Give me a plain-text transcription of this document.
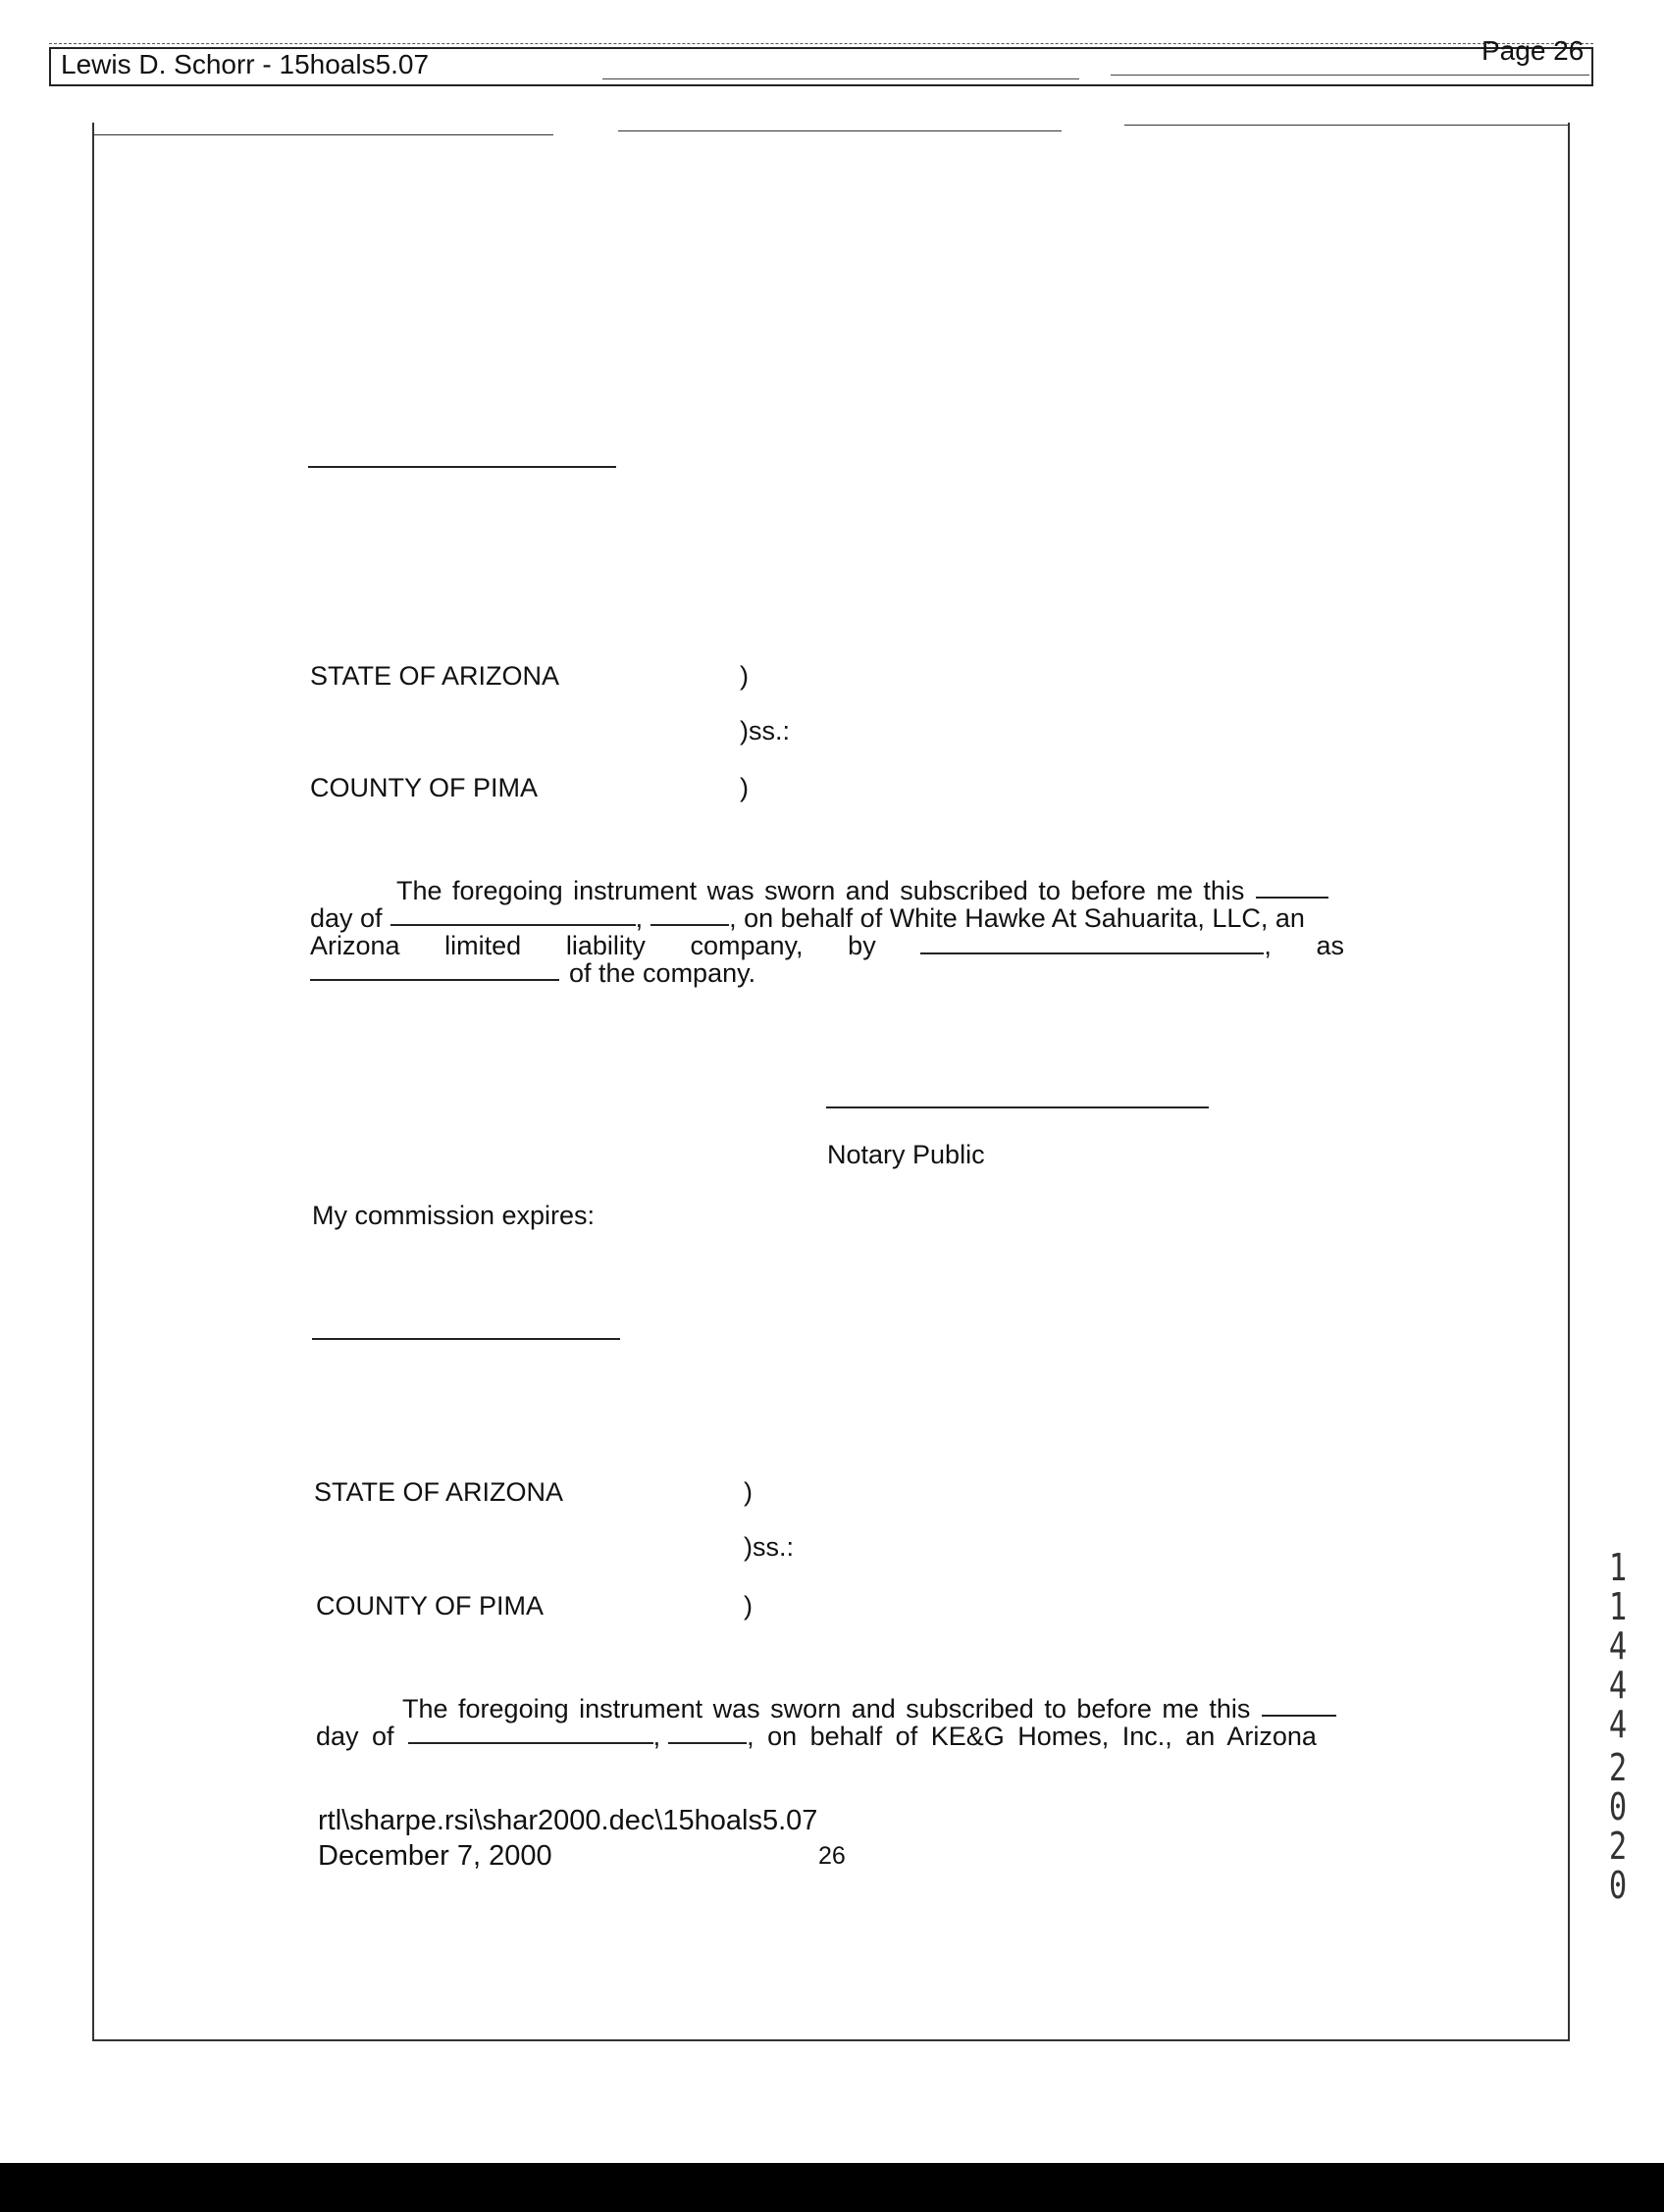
Lewis D. Schorr - 15hoals5.07	Page 26
STATE OF ARIZONA	)
)ss.:
COUNTY OF PIMA	)
The foregoing instrument was sworn and subscribed to before me this
day of	,	, on behalf of White Hawke At Sahuarita, LLC, an
Arizona limited liability company, by	, as
of the company.
Notary Public
My commission expires:
STATE OF ARIZONA	)
)ss.:
COUNTY OF PIMA	)
The foregoing instrument was sworn and subscribed to before me this
day of	,	, on behalf of KE&G Homes, Inc., an Arizona
rtl\sharpe.rsi\shar2000.dec\15hoals5.07
December 7, 2000	26
1
1
4
4
4
2
0
2
0
